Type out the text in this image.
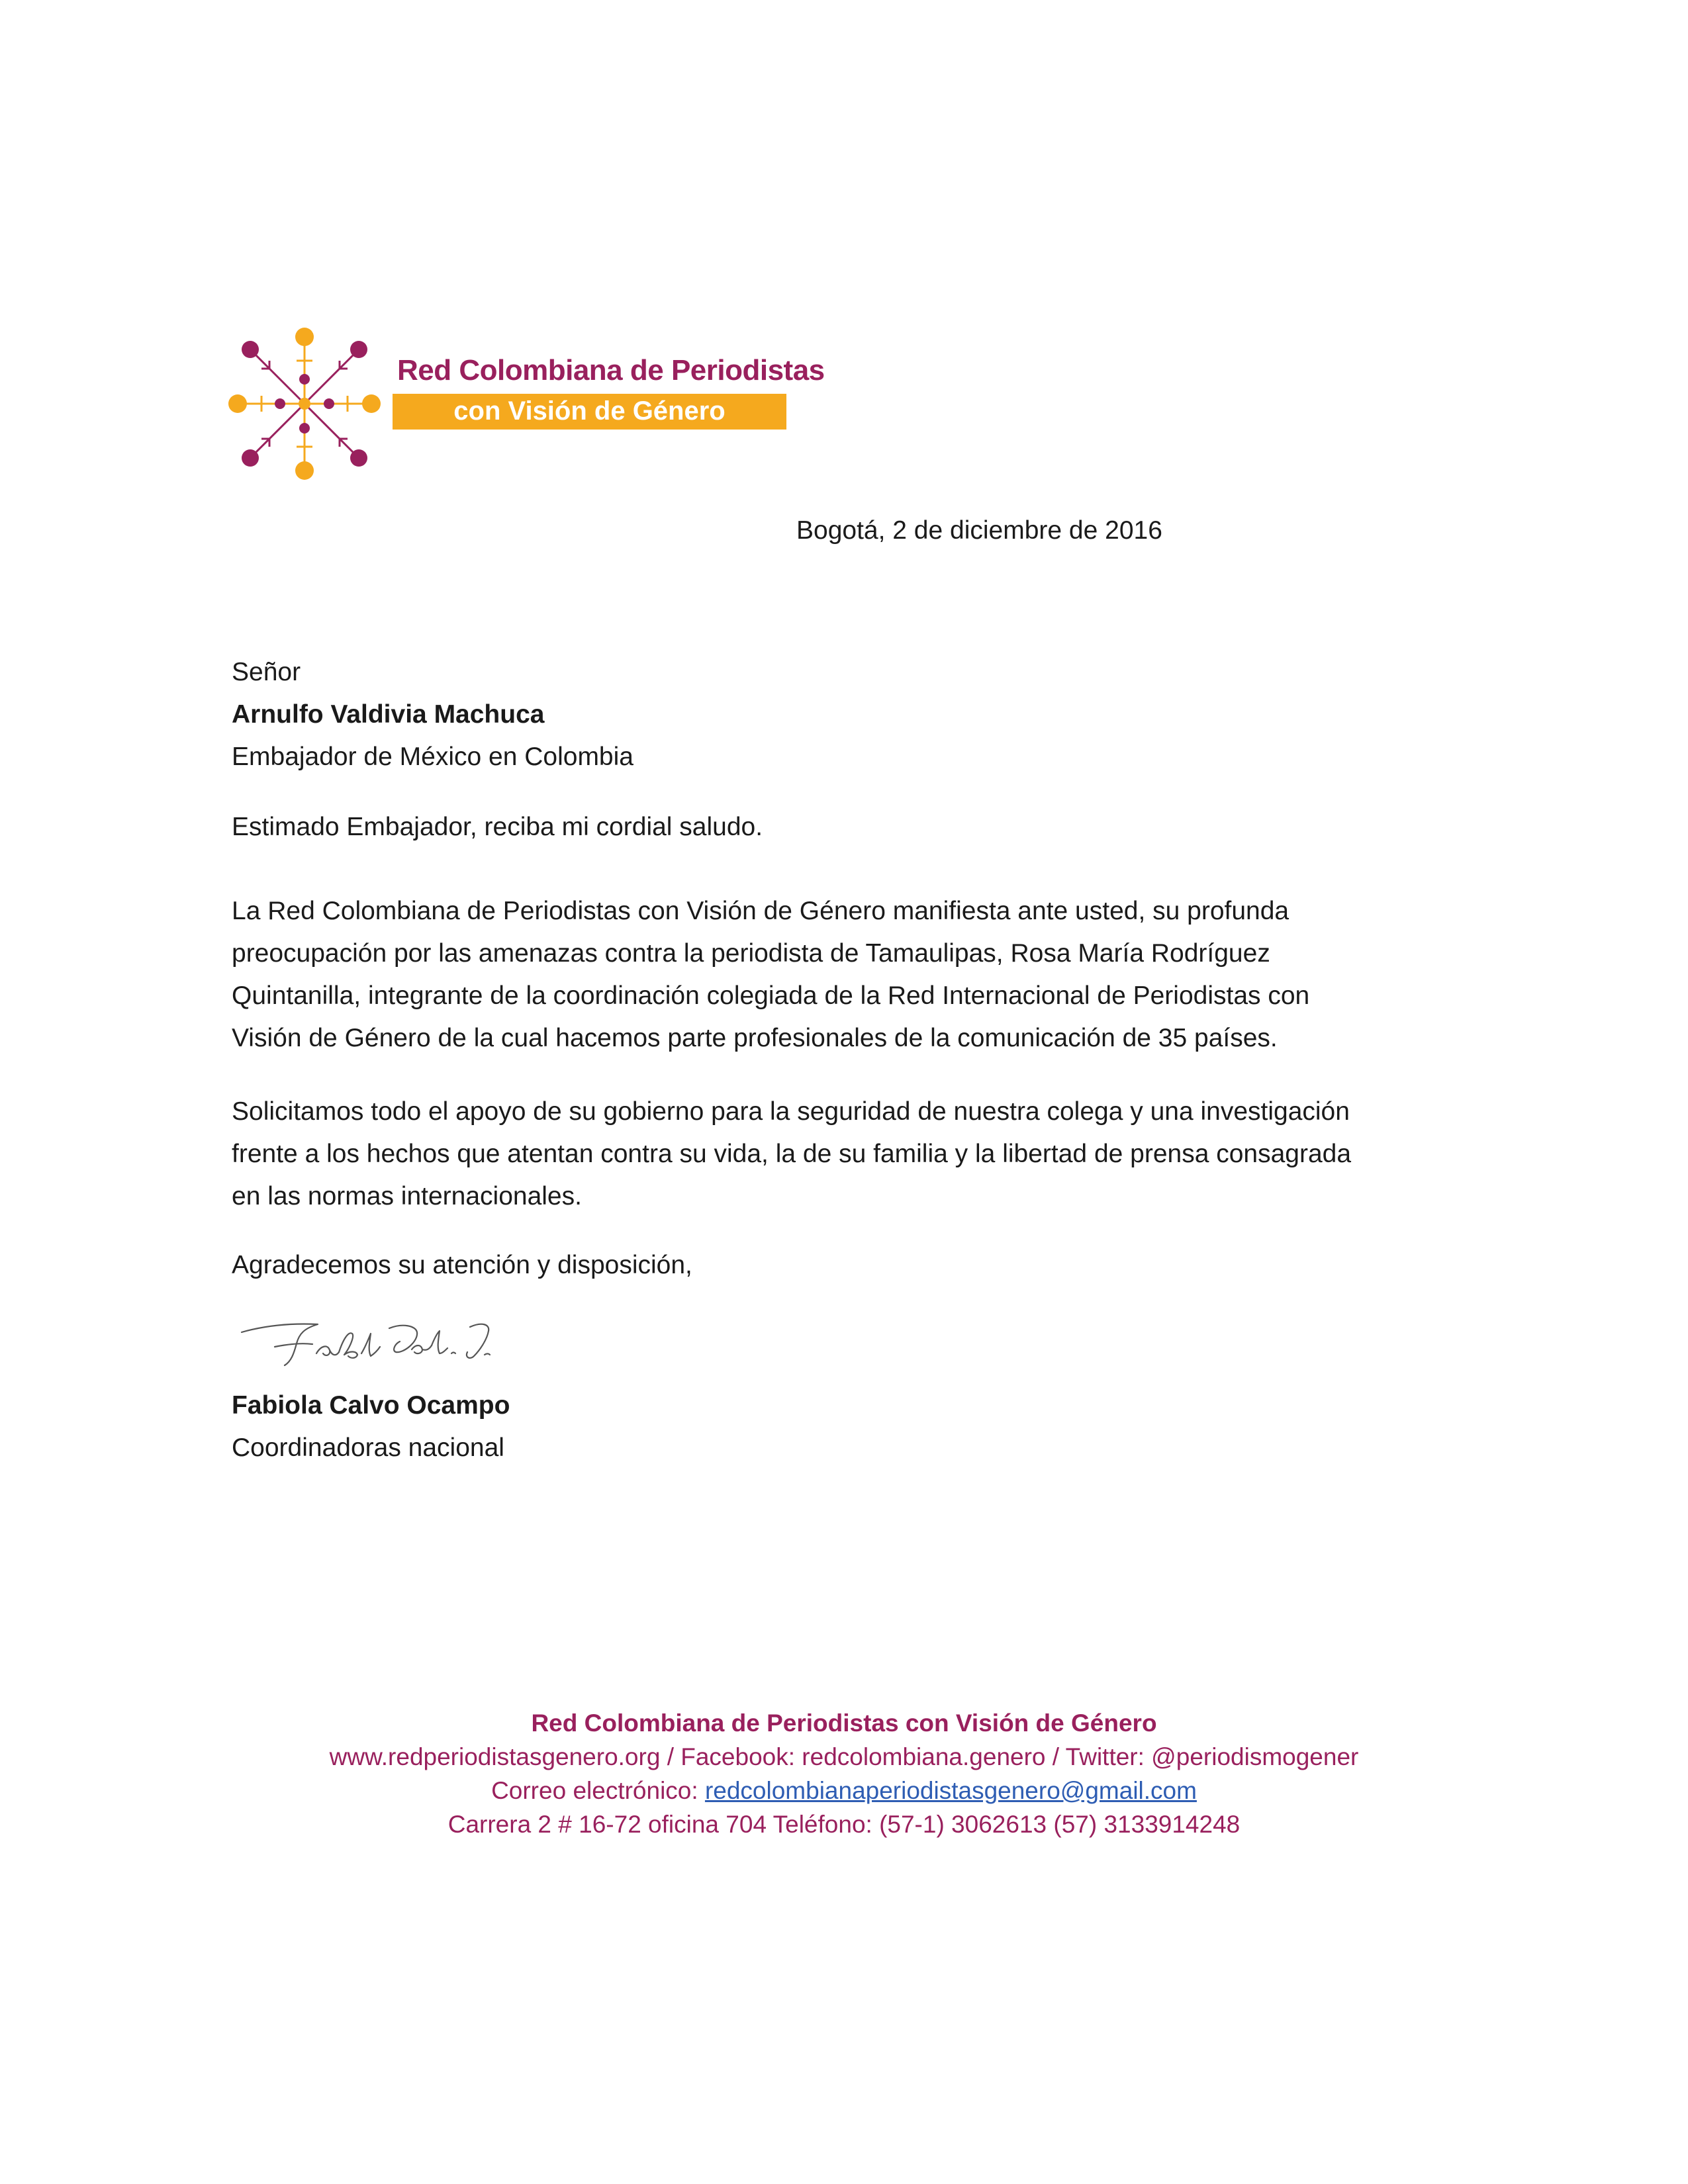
Red Colombiana de Periodistas
con Visión de Género
Bogotá, 2 de diciembre de 2016
Señor
Arnulfo Valdivia Machuca
Embajador de México en Colombia
Estimado Embajador, reciba mi cordial saludo.
La Red Colombiana de Periodistas con Visión de Género manifiesta ante usted, su profunda
preocupación por las amenazas contra la periodista de Tamaulipas, Rosa María Rodríguez
Quintanilla, integrante de la coordinación colegiada de la Red Internacional de Periodistas con
Visión de Género de la cual hacemos parte profesionales de la comunicación de 35 países.
Solicitamos todo el apoyo de su gobierno para la seguridad de nuestra colega y una investigación
frente a los hechos que atentan contra su vida, la de su familia y la libertad de prensa consagrada
en las normas internacionales.
Agradecemos su atención y disposición,
Fabiola Calvo Ocampo
Coordinadoras nacional
Red Colombiana de Periodistas con Visión de Género
www.redperiodistasgenero.org / Facebook: redcolombiana.genero / Twitter: @periodismogener
Correo electrónico: redcolombianaperiodistasgenero@gmail.com
Carrera 2 # 16-72 oficina 704 Teléfono: (57-1) 3062613 (57) 3133914248
